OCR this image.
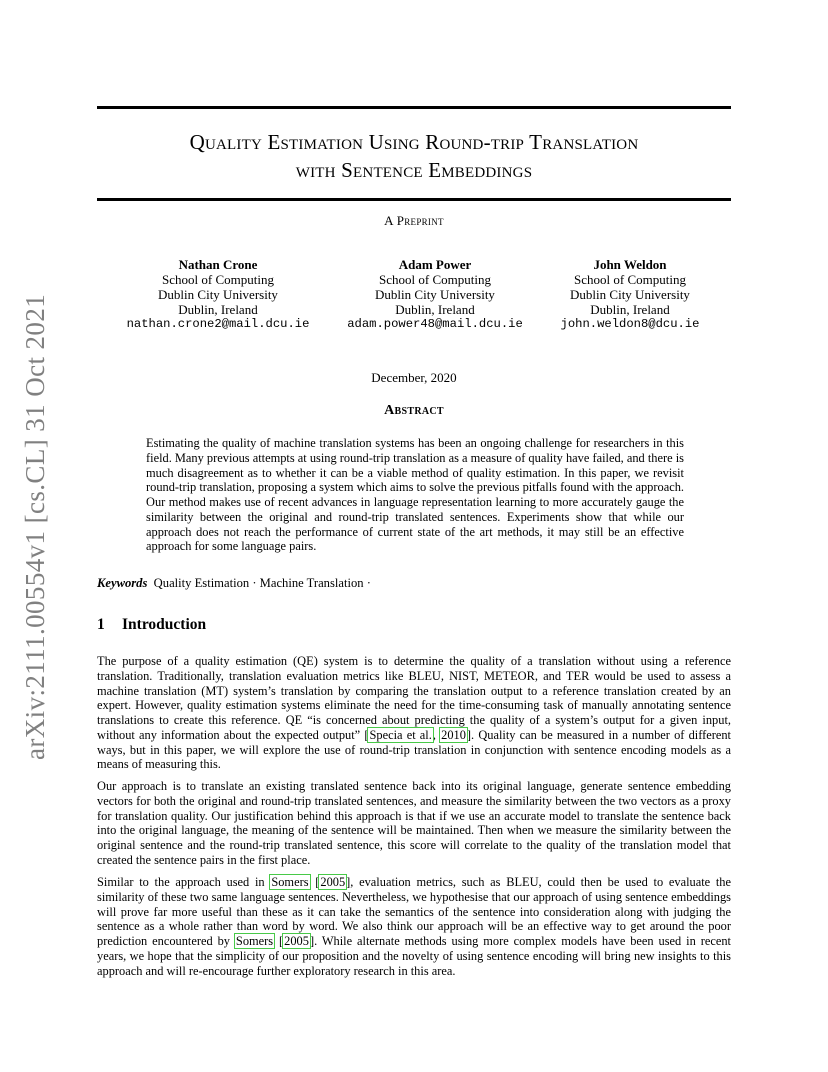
arXiv:2111.00554v1 [cs.CL] 31 Oct 2021
Quality Estimation Using Round-trip Translation
with Sentence Embeddings
A Preprint
Nathan Crone
School of Computing
Dublin City University
Dublin, Ireland
nathan.crone2@mail.dcu.ie
Adam Power
School of Computing
Dublin City University
Dublin, Ireland
adam.power48@mail.dcu.ie
John Weldon
School of Computing
Dublin City University
Dublin, Ireland
john.weldon8@dcu.ie
December, 2020
Abstract
Estimating the quality of machine translation systems has been an ongoing challenge for researchers in this field. Many previous attempts at using round-trip translation as a measure of quality have failed, and there is much disagreement as to whether it can be a viable method of quality estimation. In this paper, we revisit round-trip translation, proposing a system which aims to solve the previous pitfalls found with the approach. Our method makes use of recent advances in language representation learning to more accurately gauge the similarity between the original and round-trip translated sentences. Experiments show that while our approach does not reach the performance of current state of the art methods, it may still be an effective approach for some language pairs.
Keywords Quality Estimation · Machine Translation ·
1 Introduction
The purpose of a quality estimation (QE) system is to determine the quality of a translation without using a reference translation. Traditionally, translation evaluation metrics like BLEU, NIST, METEOR, and TER would be used to assess a machine translation (MT) system’s translation by comparing the translation output to a reference translation created by an expert. However, quality estimation systems eliminate the need for the time-consuming task of manually annotating sentence translations to create this reference. QE “is concerned about predicting the quality of a system’s output for a given input, without any information about the expected output” [Specia et al., 2010]. Quality can be measured in a number of different ways, but in this paper, we will explore the use of round-trip translation in conjunction with sentence encoding models as a means of measuring this.
Our approach is to translate an existing translated sentence back into its original language, generate sentence embedding vectors for both the original and round-trip translated sentences, and measure the similarity between the two vectors as a proxy for translation quality. Our justification behind this approach is that if we use an accurate model to translate the sentence back into the original language, the meaning of the sentence will be maintained. Then when we measure the similarity between the original sentence and the round-trip translated sentence, this score will correlate to the quality of the translation model that created the sentence pairs in the first place.
Similar to the approach used in Somers [2005], evaluation metrics, such as BLEU, could then be used to evaluate the similarity of these two same language sentences. Nevertheless, we hypothesise that our approach of using sentence embeddings will prove far more useful than these as it can take the semantics of the sentence into consideration along with judging the sentence as a whole rather than word by word. We also think our approach will be an effective way to get around the poor prediction encountered by Somers [2005]. While alternate methods using more complex models have been used in recent years, we hope that the simplicity of our proposition and the novelty of using sentence encoding will bring new insights to this approach and will re-encourage further exploratory research in this area.
